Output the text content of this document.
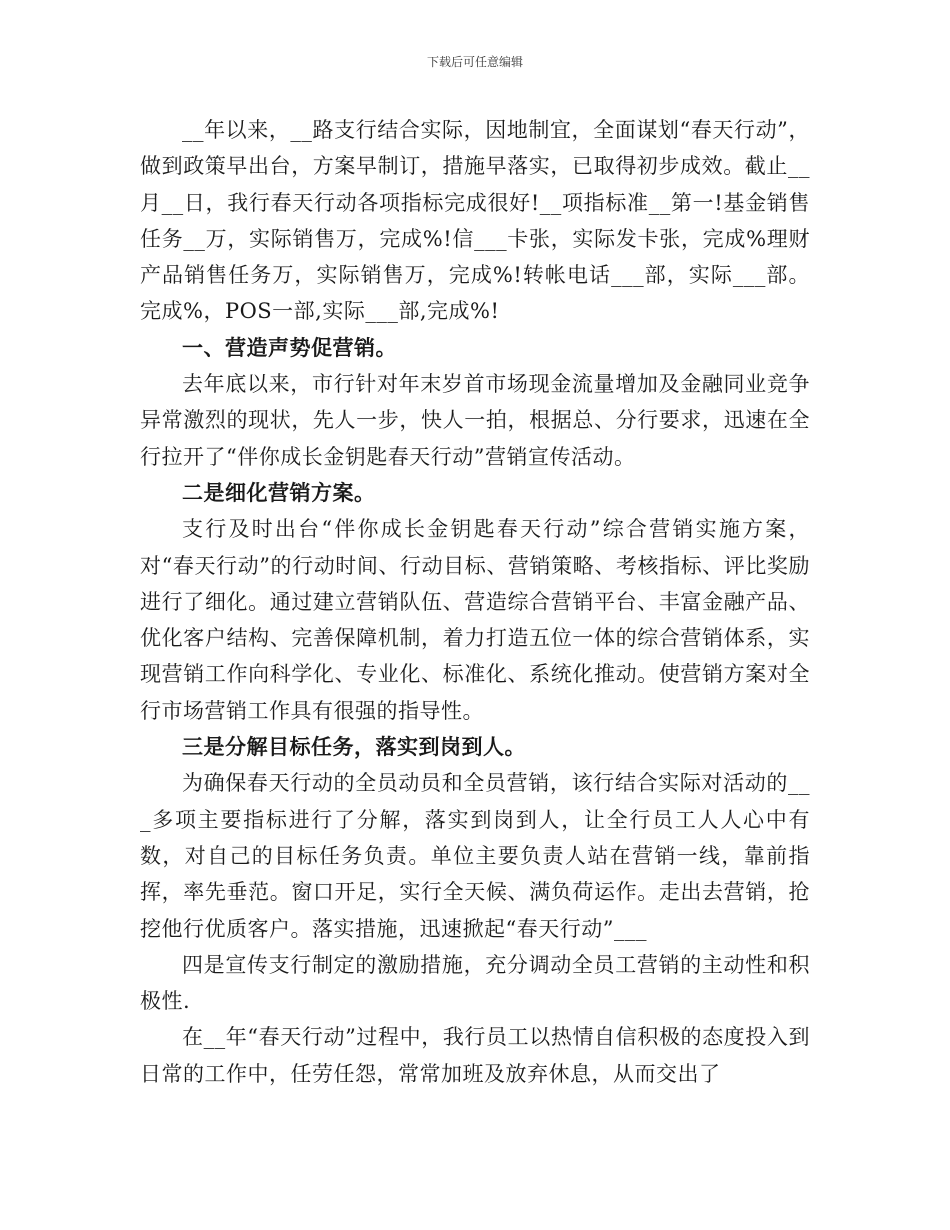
下载后可任意编辑

__年以来，__路支行结合实际，因地制宜，全面谋划“春天行动”，做到政策早出台，方案早制订，措施早落实，已取得初步成效。截止__月__日，我行春天行动各项指标完成很好!__项指标准__第一!基金销售任务__万，实际销售万，完成%!信___卡张，实际发卡张，完成%理财产品销售任务万，实际销售万，完成%!转帐电话___部，实际___部。完成%，POS一部,实际___部,完成%!

一、营造声势促营销。

去年底以来，市行针对年末岁首市场现金流量增加及金融同业竞争异常激烈的现状，先人一步，快人一拍，根据总、分行要求，迅速在全行拉开了“伴你成长金钥匙春天行动”营销宣传活动。

二是细化营销方案。

支行及时出台“伴你成长金钥匙春天行动”综合营销实施方案，对“春天行动”的行动时间、行动目标、营销策略、考核指标、评比奖励进行了细化。通过建立营销队伍、营造综合营销平台、丰富金融产品、优化客户结构、完善保障机制，着力打造五位一体的综合营销体系，实现营销工作向科学化、专业化、标准化、系统化推动。使营销方案对全行市场营销工作具有很强的指导性。

三是分解目标任务，落实到岗到人。

为确保春天行动的全员动员和全员营销，该行结合实际对活动的___多项主要指标进行了分解，落实到岗到人，让全行员工人人心中有数，对自己的目标任务负责。单位主要负责人站在营销一线，靠前指挥，率先垂范。窗口开足，实行全天候、满负荷运作。走出去营销，抢挖他行优质客户。落实措施，迅速掀起“春天行动”___

四是宣传支行制定的激励措施，充分调动全员工营销的主动性和积极性.

在__年“春天行动”过程中，我行员工以热情自信积极的态度投入到日常的工作中，任劳任怨，常常加班及放弃休息，从而交出了
